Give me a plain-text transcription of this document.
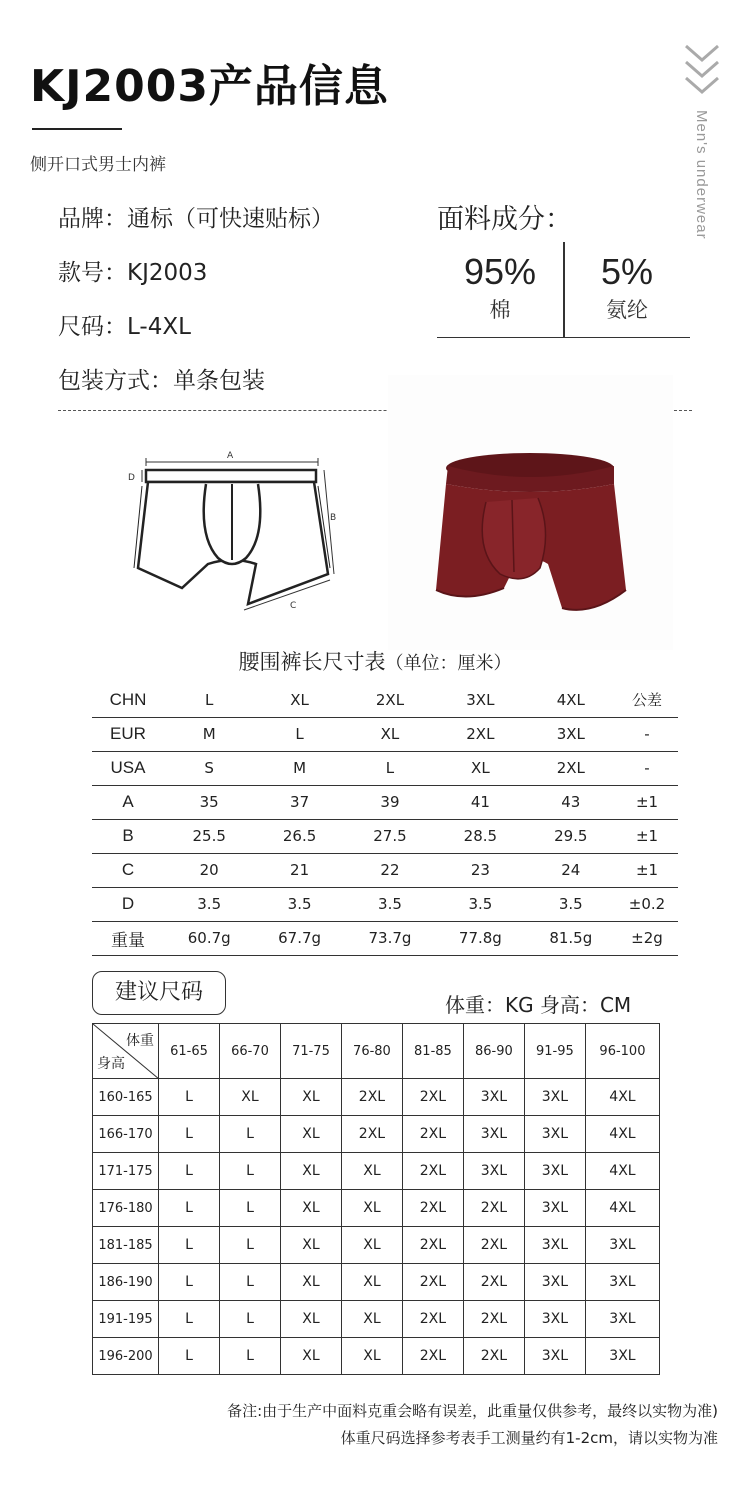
KJ2003产品信息
侧开口式男士内裤	Men's underwear
品牌：通标（可快速贴标）
款号：KJ2003
尺码：L-4XL
包装方式：单条包装
面料成分：
95%
棉
5%
氨纶
A
D
B
C
腰围裤长尺寸表（单位：厘米）
CHN	L	XL	2XL	3XL	4XL	公差
EUR	M	L	XL	2XL	3XL	-
USA	S	M	L	XL	2XL	-
A	35	37	39	41	43	±1
B	25.5	26.5	27.5	28.5	29.5	±1
C	20	21	22	23	24	±1
D	3.5	3.5	3.5	3.5	3.5	±0.2
重量	60.7g	67.7g	73.7g	77.8g	81.5g	±2g
建议尺码	体重：KG 身高：CM
体重
身高	61-65	66-70	71-75	76-80	81-85	86-90	91-95	96-100
160-165	L	XL	XL	2XL	2XL	3XL	3XL	4XL
166-170	L	L	XL	2XL	2XL	3XL	3XL	4XL
171-175	L	L	XL	XL	2XL	3XL	3XL	4XL
176-180	L	L	XL	XL	2XL	2XL	3XL	4XL
181-185	L	L	XL	XL	2XL	2XL	3XL	3XL
186-190	L	L	XL	XL	2XL	2XL	3XL	3XL
191-195	L	L	XL	XL	2XL	2XL	3XL	3XL
196-200	L	L	XL	XL	2XL	2XL	3XL	3XL
备注:由于生产中面料克重会略有误差，此重量仅供参考，最终以实物为准)
体重尺码选择参考表手工测量约有1-2cm，请以实物为准
